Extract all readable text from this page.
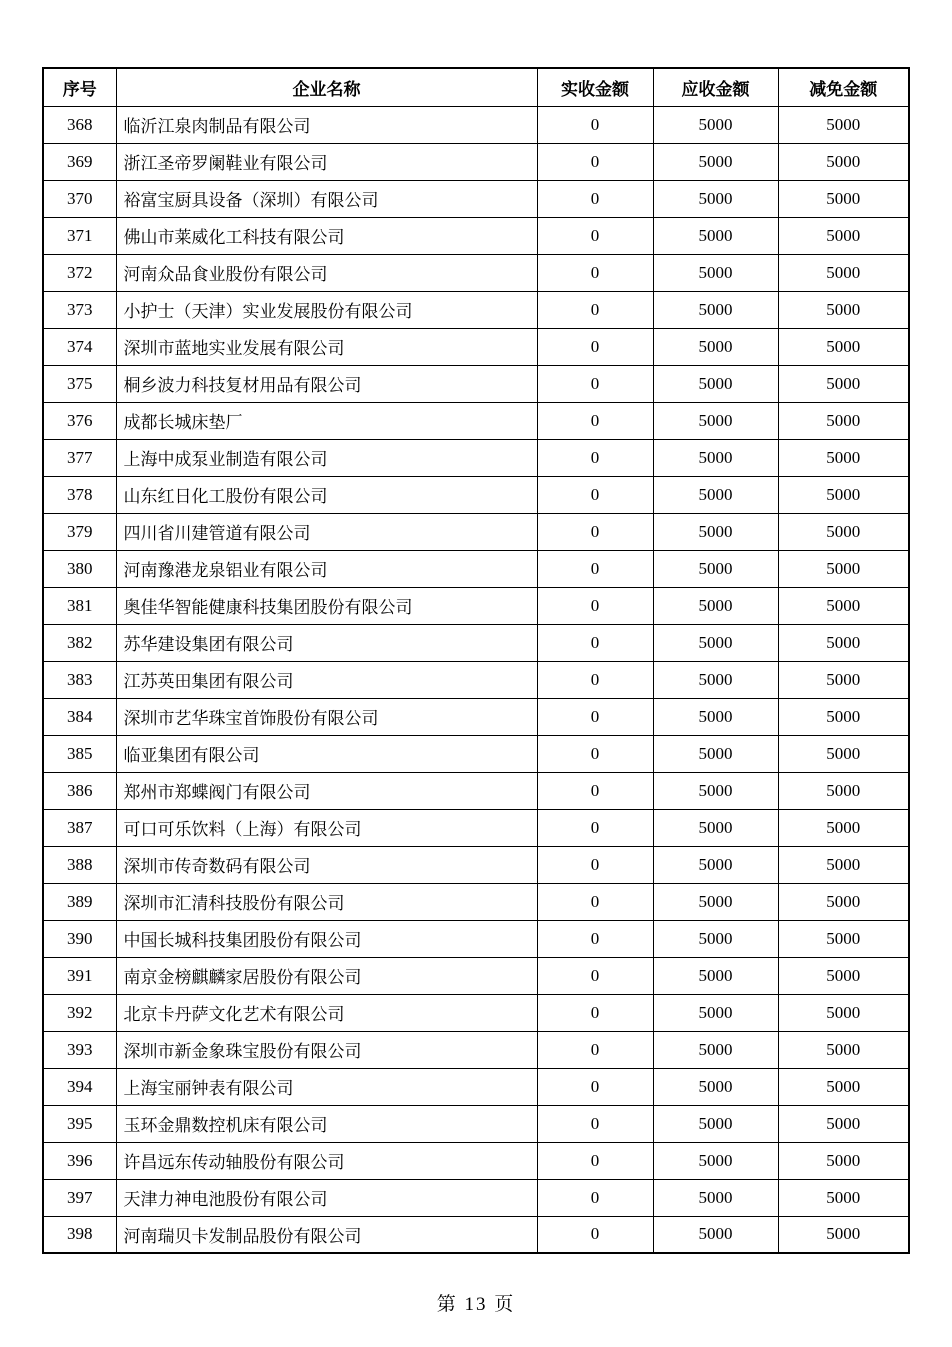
序号	企业名称	实收金额	应收金额	减免金额
368	临沂江泉肉制品有限公司	0	5000	5000
369	浙江圣帝罗阑鞋业有限公司	0	5000	5000
370	裕富宝厨具设备（深圳）有限公司	0	5000	5000
371	佛山市莱威化工科技有限公司	0	5000	5000
372	河南众品食业股份有限公司	0	5000	5000
373	小护士（天津）实业发展股份有限公司	0	5000	5000
374	深圳市蓝地实业发展有限公司	0	5000	5000
375	桐乡波力科技复材用品有限公司	0	5000	5000
376	成都长城床垫厂	0	5000	5000
377	上海中成泵业制造有限公司	0	5000	5000
378	山东红日化工股份有限公司	0	5000	5000
379	四川省川建管道有限公司	0	5000	5000
380	河南豫港龙泉铝业有限公司	0	5000	5000
381	奥佳华智能健康科技集团股份有限公司	0	5000	5000
382	苏华建设集团有限公司	0	5000	5000
383	江苏英田集团有限公司	0	5000	5000
384	深圳市艺华珠宝首饰股份有限公司	0	5000	5000
385	临亚集团有限公司	0	5000	5000
386	郑州市郑蝶阀门有限公司	0	5000	5000
387	可口可乐饮料（上海）有限公司	0	5000	5000
388	深圳市传奇数码有限公司	0	5000	5000
389	深圳市汇清科技股份有限公司	0	5000	5000
390	中国长城科技集团股份有限公司	0	5000	5000
391	南京金榜麒麟家居股份有限公司	0	5000	5000
392	北京卡丹萨文化艺术有限公司	0	5000	5000
393	深圳市新金象珠宝股份有限公司	0	5000	5000
394	上海宝丽钟表有限公司	0	5000	5000
395	玉环金鼎数控机床有限公司	0	5000	5000
396	许昌远东传动轴股份有限公司	0	5000	5000
397	天津力神电池股份有限公司	0	5000	5000
398	河南瑞贝卡发制品股份有限公司	0	5000	5000
第 13 页
